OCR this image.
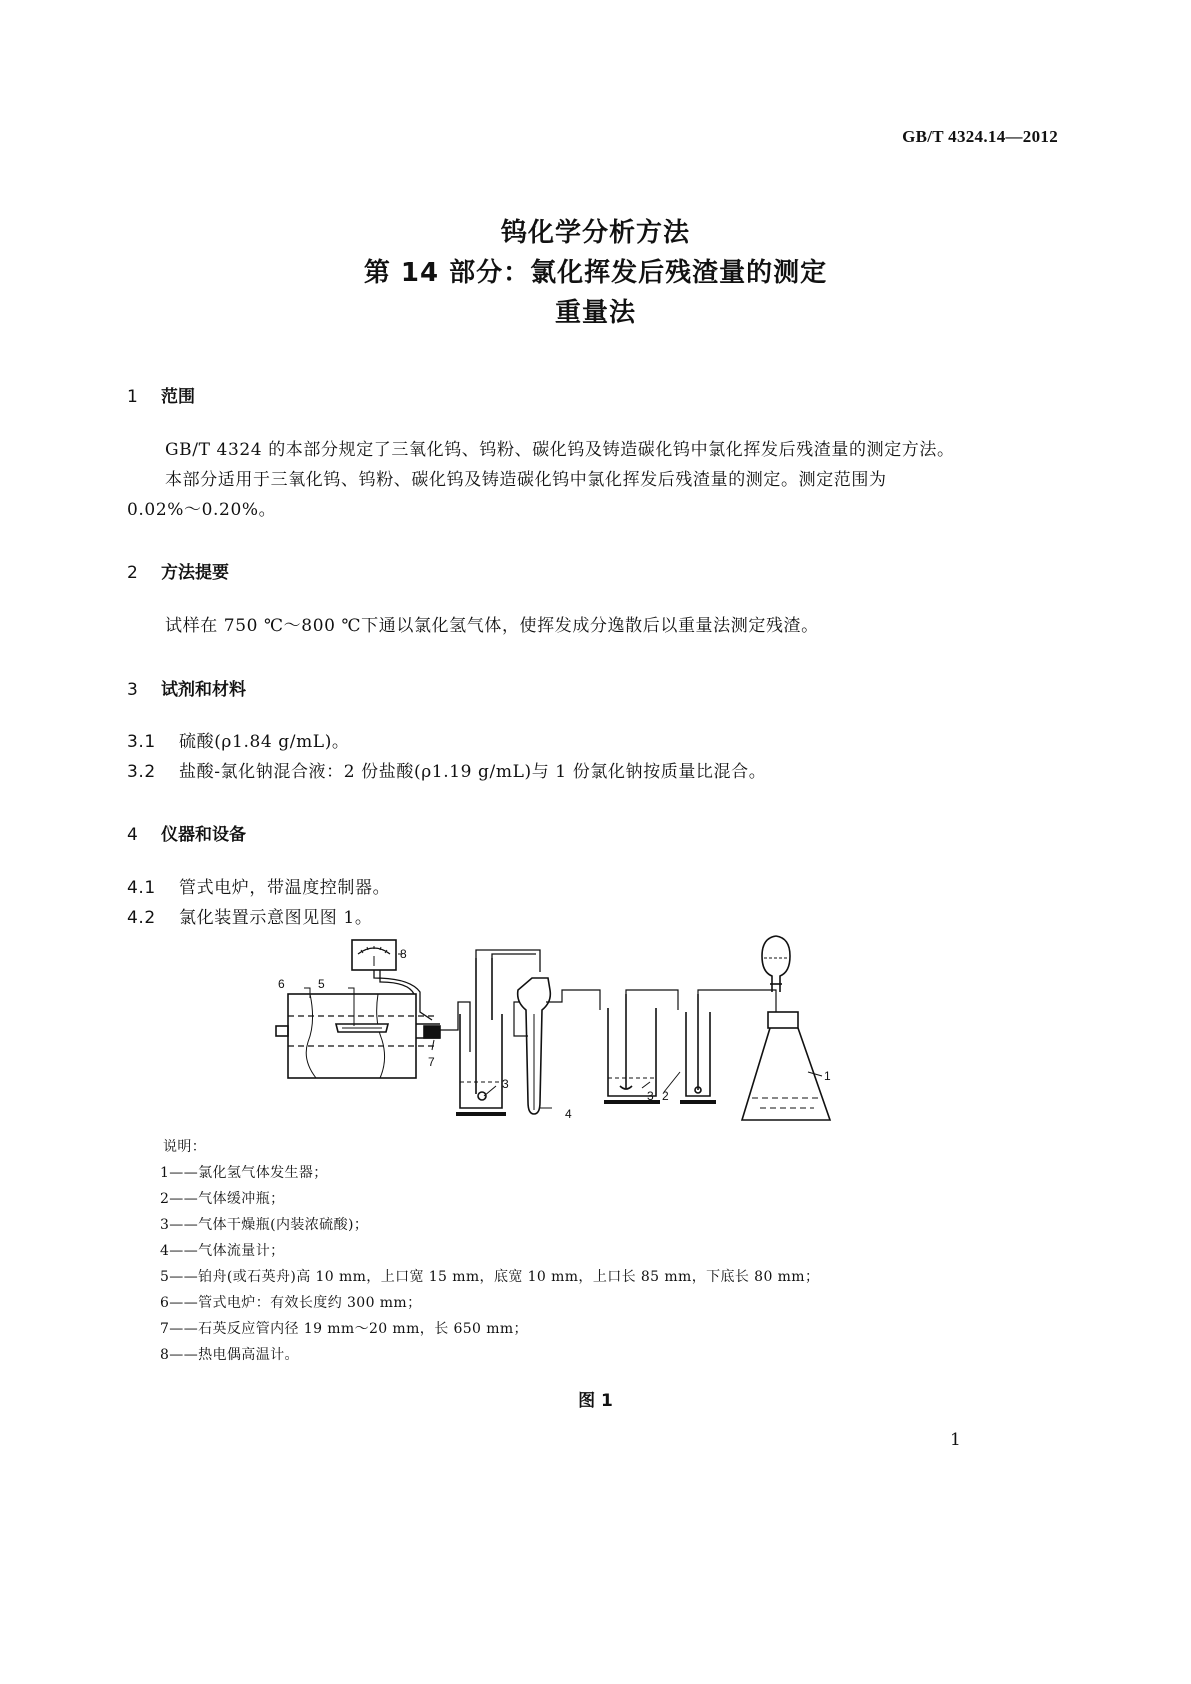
GB/T 4324.14—2012
钨化学分析方法
第 14 部分：氯化挥发后残渣量的测定
重量法
1 范围
GB/T 4324 的本部分规定了三氧化钨、钨粉、碳化钨及铸造碳化钨中氯化挥发后残渣量的测定方法。
本部分适用于三氧化钨、钨粉、碳化钨及铸造碳化钨中氯化挥发后残渣量的测定。测定范围为
0.02%～0.20%。
2 方法提要
试样在 750 ℃～800 ℃下通以氯化氢气体，使挥发成分逸散后以重量法测定残渣。
3 试剂和材料
3.1 硫酸(ρ1.84 g/mL)。
3.2 盐酸-氯化钠混合液：2 份盐酸(ρ1.19 g/mL)与 1 份氯化钠按质量比混合。
4 仪器和设备
4.1 管式电炉，带温度控制器。
4.2 氯化装置示意图见图 1。
6	5
8
7
3
4
3 2
1
说明：
1——氯化氢气体发生器；
2——气体缓冲瓶；
3——气体干燥瓶(内装浓硫酸)；
4——气体流量计；
5——铂舟(或石英舟)高 10 mm，上口宽 15 mm，底宽 10 mm，上口长 85 mm，下底长 80 mm；
6——管式电炉：有效长度约 300 mm；
7——石英反应管内径 19 mm～20 mm，长 650 mm；
8——热电偶高温计。
图 1
1
